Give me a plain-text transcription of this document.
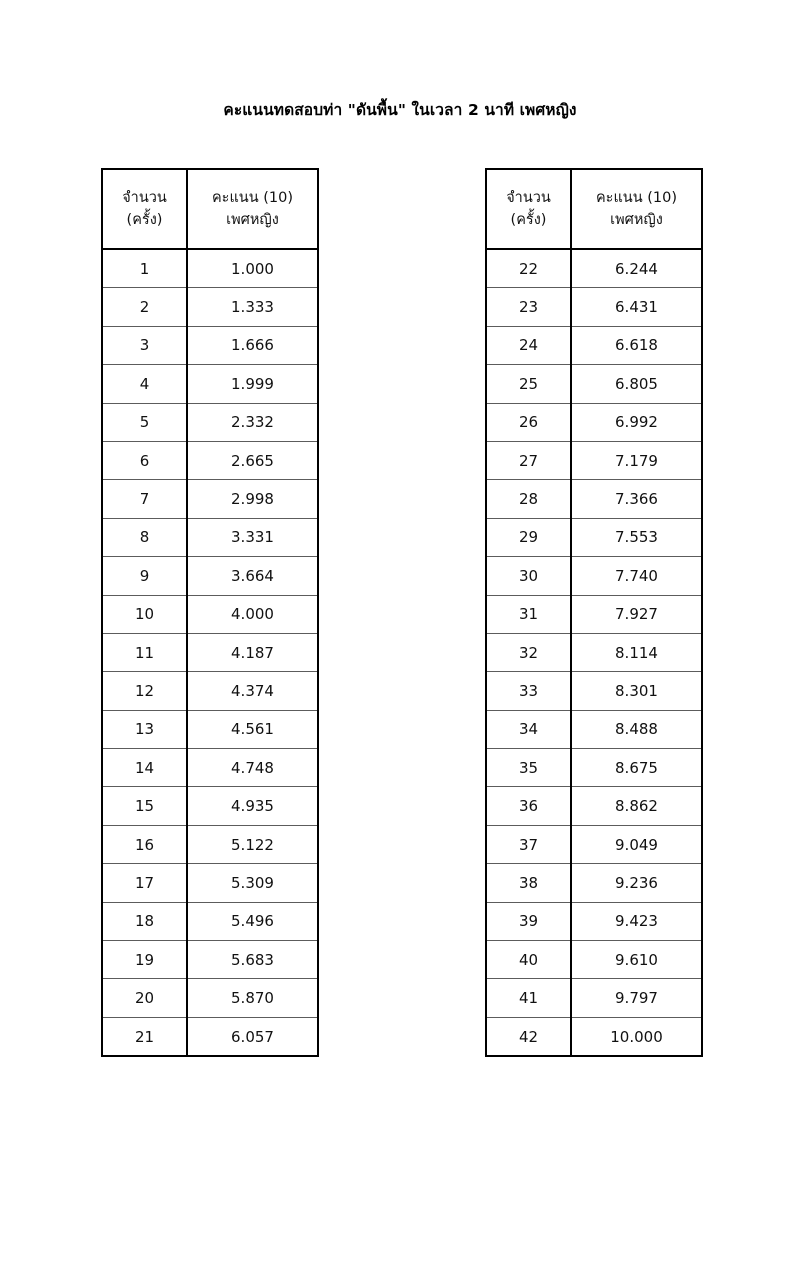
คะแนนทดสอบท่า "ดันพื้น" ในเวลา 2 นาที เพศหญิง
จำนวน
(ครั้ง)	คะแนน (10)
เพศหญิง

1	1.000
2	1.333
3	1.666
4	1.999
5	2.332
6	2.665
7	2.998
8	3.331
9	3.664
10	4.000
11	4.187
12	4.374
13	4.561
14	4.748
15	4.935
16	5.122
17	5.309
18	5.496
19	5.683
20	5.870
21	6.057
จำนวน
(ครั้ง)	คะแนน (10)
เพศหญิง

22	6.244
23	6.431
24	6.618
25	6.805
26	6.992
27	7.179
28	7.366
29	7.553
30	7.740
31	7.927
32	8.114
33	8.301
34	8.488
35	8.675
36	8.862
37	9.049
38	9.236
39	9.423
40	9.610
41	9.797
42	10.000
